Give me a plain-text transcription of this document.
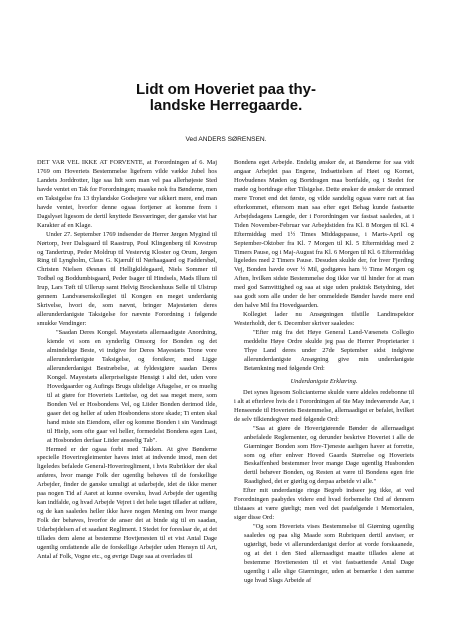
Lidt om Hoveriet paa thy-
landske Herregaarde.

Ved ANDERS SØRENSEN.

DET VAR VEL IKKE AT FORVENTE, at Forordningen af 6. Maj 1769 om Hoveriets Bestemmelse ligefrem vilde vække Jubel hos Landets Jorddrotter, lige saa lidt som man vel paa allerhøjeste Sted havde ventet en Tak for Forordningen; maaske nok fra Bønderne, men en Taksigelse fra 13 thylandske Godsejere var sikkert mere, end man havde ventet, hvorfor denne ogsaa fortjener at komme frem i Dagslyset ligesom de dertil knyttede Besværinger, der ganske vist har Karakter af en Klage.

Under 27. September 1769 indsender de Herrer Jørgen Mygind til Nørtorp, Iver Dalsgaard til Raastrup, Poul Klingenberg til Kovstrup og Tandertrup, Peder Moldrup til Vestervig Kloster og Orum, Jørgen Ring til Lyngholm, Claus G. Kjærulf til Nørhaagaard og Faddersbøl, Christen Nielsen Øesnæs til Helligkildegaard, Niels Sommer til Todbøl og Boddumbisgaard, Peder Isager til Hindsels, Mads Illum til Irup, Lars Tøft til Ullerup samt Helvig Brockenhuus Selle til Ulstrup gennem Landvæsenskollegiet til Kongen en meget underdanig Skrivelse, hvori de, som nævnt, bringer Majestæten deres allerunderdanigste Taksigelse for nævnte Forordning i følgende smukke Vendinger:

"Saadan Deres Kongel. Mayestæts allernaadigste Anordning, kiende vi som en synderlig Omsorg for Bonden og det almindelige Beste, vi indgive for Deres Mayestæts Trone vore allerunderdanigste Taksigelse, og forsikrer, med Ligge allerunderdanigst Bestræbelse, at fyldestgiøre saadan Deres Kongel. Mayestæts allerpriseligste Hensigt i altd det, uden vore Hovedgaarder og Aufings Brugs ulidelige Aftagelse, er os muelig til at giøre for Hoveriets Lættelse, og det saa meget mere, som Bonden Vel er Hosbondens Vel, og Liider Bonden derimod ilde, gaaer det og heller af uden Hosbondens store skade; Ti enten skal hand miste sin Eiendom, eller og komme Bonden i sin Vandmagt til Hielp, som ofte gaar vel heller, formedelst Bondens egen Last, at Hosbonden derfaar Liider anseelig Tab".

Hermed er der ogsaa forbi med Takken. At give Bønderne specielle Hoveriregleimenter haves intet at indvende imod, men det ligeledes befalede General-Hoveriregliment, i hvis Rubrikker der skal anføres, hvor mange Folk der ugentlig behøves til de forskellige Arbejder, finder de ganske umuligt at udarbejde, idet de ikke mener paa nogen Tid af Aaret at kunne oversku, hvad Arbejde der ugentlig kan indfalde, og hvad Arbejde Vejret i det hele taget tillader at udføre, og de kan saaledes heller ikke have nogen Mening om hvor mange Folk der behøves, hvorfor de anser det at binde sig til en saadan, Udarbejdelsen af et saadant Regliment. I Stedet for foreslaar de, at det tillades dem alene at bestemme Hovtjenesten til et vist Antal Dage ugentlig omfattende alle de forskellige Arbejder uden Hensyn til Art, Antal af Folk, Vogne etc., og øvrige Dage saa at overlades til

Bondens eget Arbejde. Endelig ønsker de, at Bønderne for saa vidt angaar Arbejdet paa Engene, Indsættelsen af Høet og Kornet, Hovbudenes Møden og Bortdragen maa bortfalde, og i Stedet for møde og bortdrage efter Tilsigelse. Dette ønsker de ønsker de ommed mere Tronet end det første, og vilde sandelig ogsaa være rart at faa efterkommet, eftersom man saa efter eget Behag kunde fastsætte Arbejdsdagens Længde, der i Forordningen var fastsat saaledes, at i Tiden November-Februar var Arbejdstiden fra Kl. 8 Morgen til Kl. 4 Eftermiddag med 1½ Times Middagspause, i Marts-April og September-Oktober fra Kl. 7 Morgen til Kl. 5 Eftermiddag med 2 Timers Pause, og i Maj-August fra Kl. 6 Morgen til Kl. 6 Eftermiddag ligeledes med 2 Timers Pause. Desuden skulde der, for hver Fjerding Vej, Bonden havde over ½ Mil, godtgøres ham ½ Time Morgen og Aften, hvilken sidste Bestemmelse dog ikke var til hinder for at man med god Samvittighed og saa at sige uden praktisk Betydning, idet saa godt som alle under de her ommeldede Bønder havde mere end den halve Mil fra Hovedgaarden.

Kollegiet lader nu Ansøgningen tilstille Landinspektor Westerholdt, der 6. December skriver saaledes:

"Efter mig fra det Høye General Land-Væsenets Collegio meddelte Høye Ordre skulde jeg paa de Herrer Proprietarier i Thye Land deres under 27de September sidst indgivne allerunderdanigste Ansøgning give min underdanigste Betænkning med følgende Ord:

Underdanigste Erklæring.

Det synes ligesom Solicianterne skulde være aldeles redebonne til i alt at efterleve hvis de i Forordningen af 6te May indeværende Aar, i Henseende til Hoveriets Bestemmelse, allernaadigst er befalet, hvilket de selv tilkiendegiver med følgende Ord:

"Saa at giøre de Hoverigiørende Bønder de allernaadigst anbefalede Reglementer, og derunder beskrive Hoveriet i alle de Giærninger Bonden som Hov-Tjeneste aarligen haver at forrette, som og efter enhver Hoved Gaards Størrelse og Hoveriets Beskaffenhed bestemmer hvor mange Dage ugentlig Husbonden dertil behøver Bonden, og Resten at være til Bondens egen frie Raadighed, det er giørlig og derpaa arbeide vi alle."

Efter mit underdanige ringe Begreb indseer jeg ikke, at ved Forordningen paabydes videre end hvad forbemelte Ord af dennem tilstaaes at være giørligt; men ved det paafølgende i Memorialen, siger disse Ord:

"Og som Hoveriets vises Bestemmelse til Giørning ugentlig saaledes og paa slig Maade som Rubriquen dertil anviser, er ugiørligt, bede vi allerunderdanigst derfor at vorde forskaanede, og at det i den Sted allernaadigst maatte tillades alene at bestemme Hovtienesten til et vist fastsættende Antal Dage ugentlig i alle slige Giærninger, uden at bemærke i den samme uge hvad Slags Arbeide af
